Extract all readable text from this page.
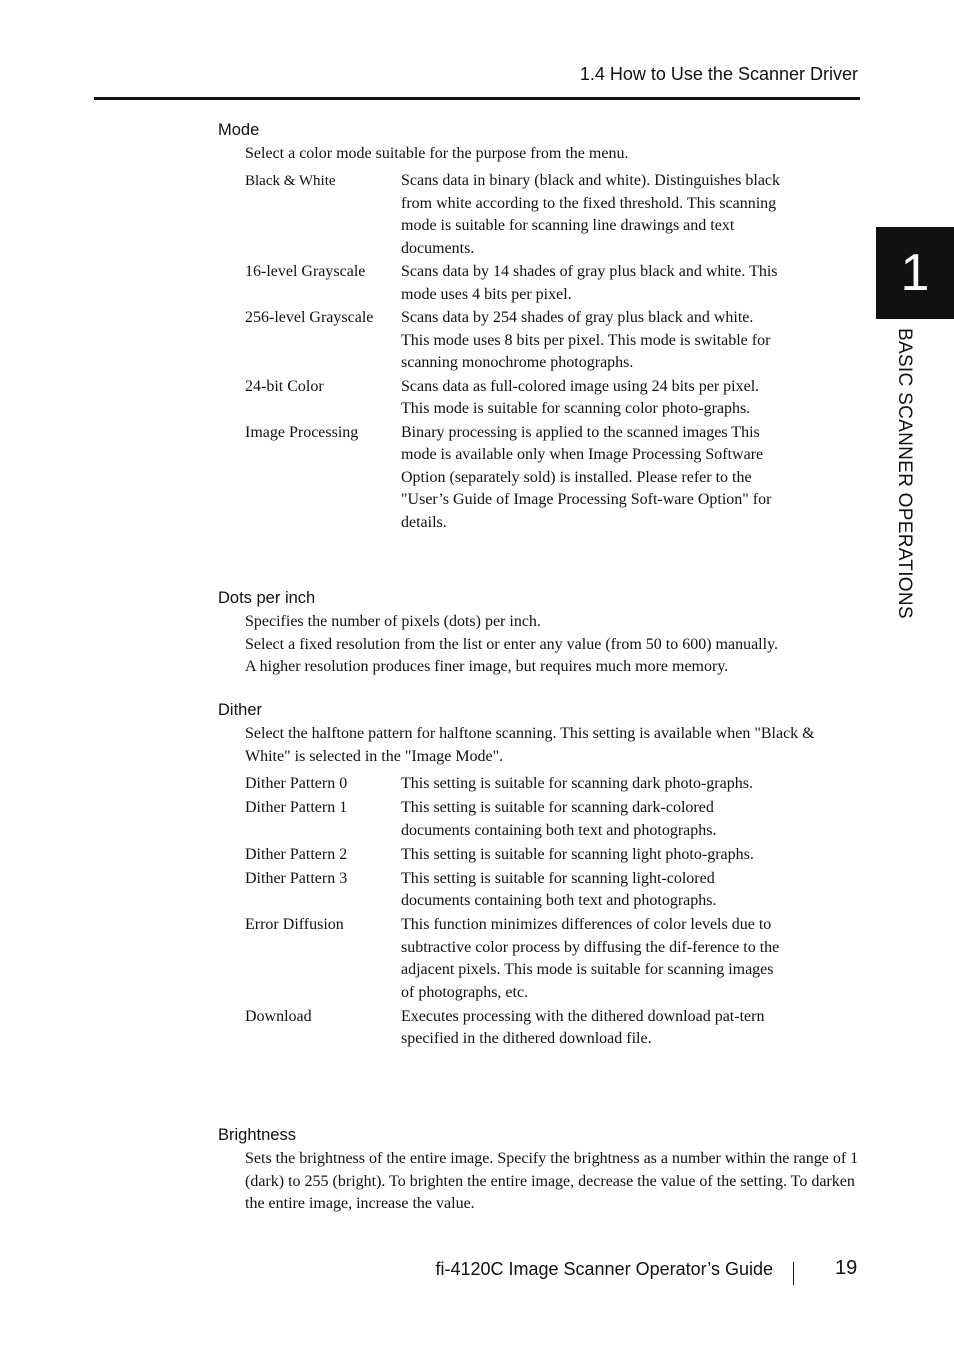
1.4 How to Use the Scanner Driver
1
BASIC SCANNER OPERATIONS
Mode

Select a color mode suitable for the purpose from the menu.

Black & White	Scans data in binary (black and white). Distinguishes black from white according to the fixed threshold. This scanning mode is suitable for scanning line drawings and text documents.
16-level Grayscale	Scans data by 14 shades of gray plus black and white. This mode uses 4 bits per pixel.
256-level Grayscale	Scans data by 254 shades of gray plus black and white. This mode uses 8 bits per pixel. This mode is switable for scanning monochrome photographs.
24-bit Color	Scans data as full-colored image using 24 bits per pixel. This mode is suitable for scanning color photo-graphs.
Image Processing	Binary processing is applied to the scanned images This mode is available only when Image Processing Software Option (separately sold) is installed. Please refer to the "User’s Guide of Image Processing Soft-ware Option" for details.
Dots per inch

Specifies the number of pixels (dots) per inch.

Select a fixed resolution from the list or enter any value (from 50 to 600) manually.

A higher resolution produces finer image, but requires much more memory.

Dither

Select the halftone pattern for halftone scanning. This setting is available when "Black & White" is selected in the "Image Mode".

Dither Pattern 0	This setting is suitable for scanning dark photo-graphs.
Dither Pattern 1	This setting is suitable for scanning dark-colored documents containing both text and photographs.
Dither Pattern 2	This setting is suitable for scanning light photo-graphs.
Dither Pattern 3	This setting is suitable for scanning light-colored documents containing both text and photographs.
Error Diffusion	This function minimizes differences of color levels due to subtractive color process by diffusing the dif-ference to the adjacent pixels. This mode is suitable for scanning images of photographs, etc.
Download	Executes processing with the dithered download pat-tern specified in the dithered download file.
Brightness

Sets the brightness of the entire image. Specify the brightness as a number within the range of 1 (dark) to 255 (bright). To brighten the entire image, decrease the value of the setting. To darken the entire image, increase the value.

fi-4120C Image Scanner Operator’s Guide	19
